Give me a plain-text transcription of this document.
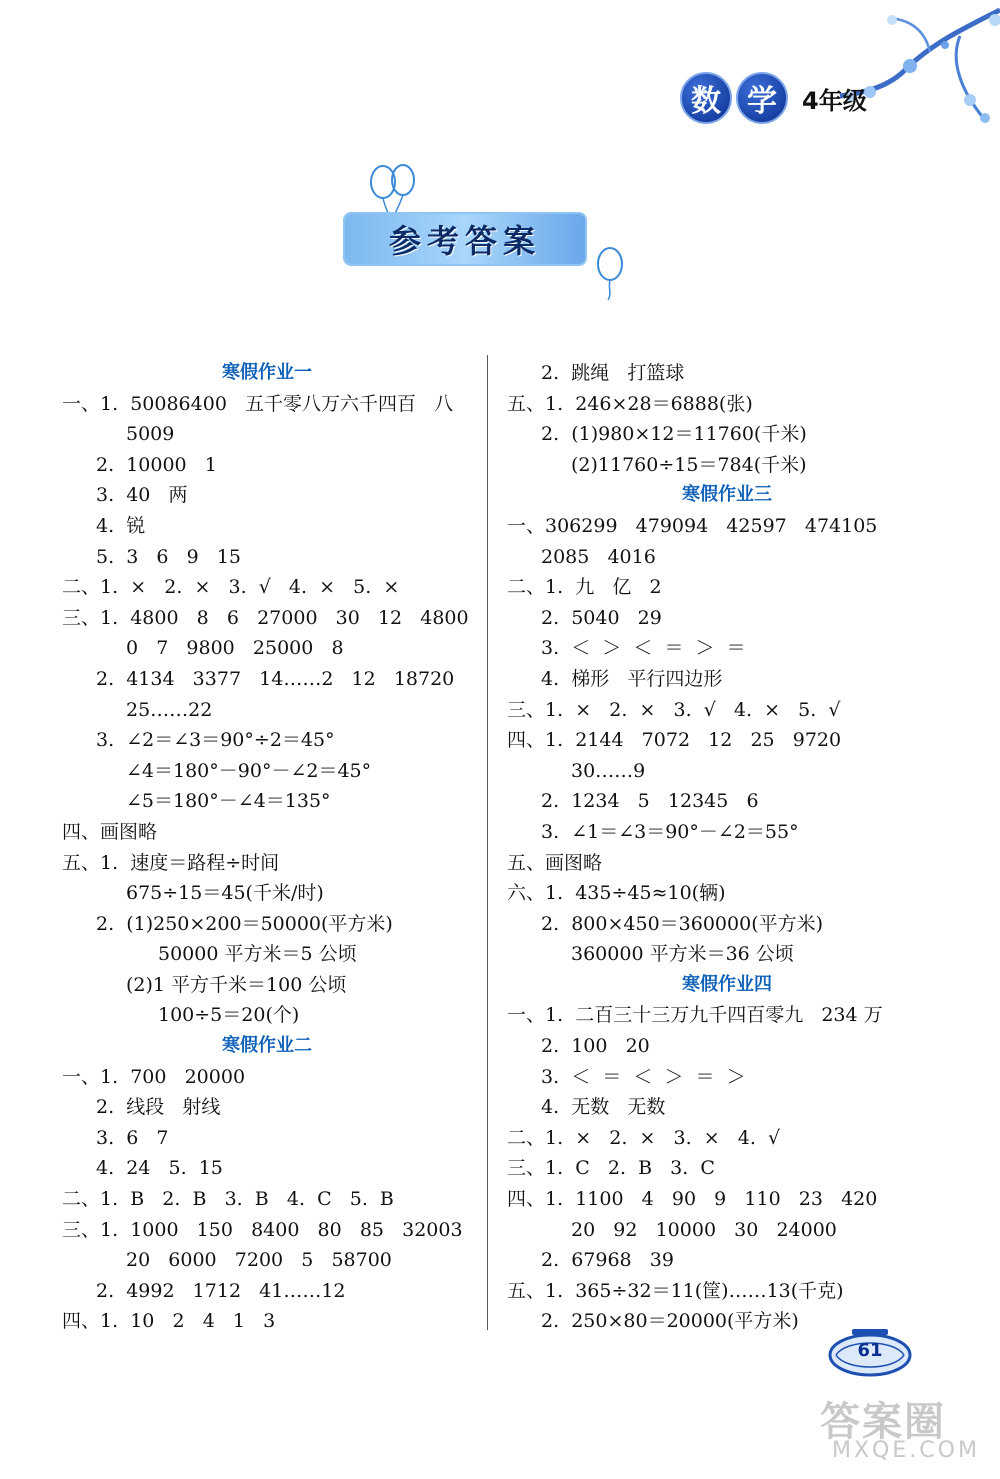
数 学	4年级
参考答案
寒假作业一
一、1.  50086400   五千零八万六千四百   八
5009
2.  10000   1
3.  40   两
4.  锐
5.  3   6   9   15
二、1.  ×   2.  ×   3.  √   4.  ×   5.  ×
三、1.  4800   8   6   27000   30   12   4800
0   7   9800   25000   8
2.  4134   3377   14……2   12   18720
25……22
3.  ∠2＝∠3＝90°÷2＝45°
∠4＝180°－90°－∠2＝45°
∠5＝180°－∠4＝135°
四、画图略
五、1.  速度＝路程÷时间
675÷15＝45(千米/时)
2.  (1)250×200＝50000(平方米)
50000 平方米＝5 公顷
(2)1 平方千米＝100 公顷
100÷5＝20(个)
寒假作业二
一、1.  700   20000
2.  线段   射线
3.  6   7
4.  24   5.  15
二、1.  B   2.  B   3.  B   4.  C   5.  B
三、1.  1000   150   8400   80   85   32003
20   6000   7200   5   58700
2.  4992   1712   41……12
四、1.  10   2   4   1   3
2.  跳绳   打篮球
五、1.  246×28＝6888(张)
2.  (1)980×12＝11760(千米)
(2)11760÷15＝784(千米)
寒假作业三
一、306299   479094   42597   474105
2085   4016
二、1.  九   亿   2
2.  5040   29
3.  ＜  ＞  ＜  ＝  ＞  ＝
4.  梯形   平行四边形
三、1.  ×   2.  ×   3.  √   4.  ×   5.  √
四、1.  2144   7072   12   25   9720
30……9
2.  1234   5   12345   6
3.  ∠1＝∠3＝90°－∠2＝55°
五、画图略
六、1.  435÷45≈10(辆)
2.  800×450＝360000(平方米)
360000 平方米＝36 公顷
寒假作业四
一、1.  二百三十三万九千四百零九   234 万
2.  100   20
3.  ＜  ＝  ＜  ＞  ＝  ＞
4.  无数   无数
二、1.  ×   2.  ×   3.  ×   4.  √
三、1.  C   2.  B   3.  C
四、1.  1100   4   90   9   110   23   420
20   92   10000   30   24000
2.  67968   39
五、1.  365÷32＝11(筐)……13(千克)
2.  250×80＝20000(平方米)
61
答案圈
MXQE.COM
